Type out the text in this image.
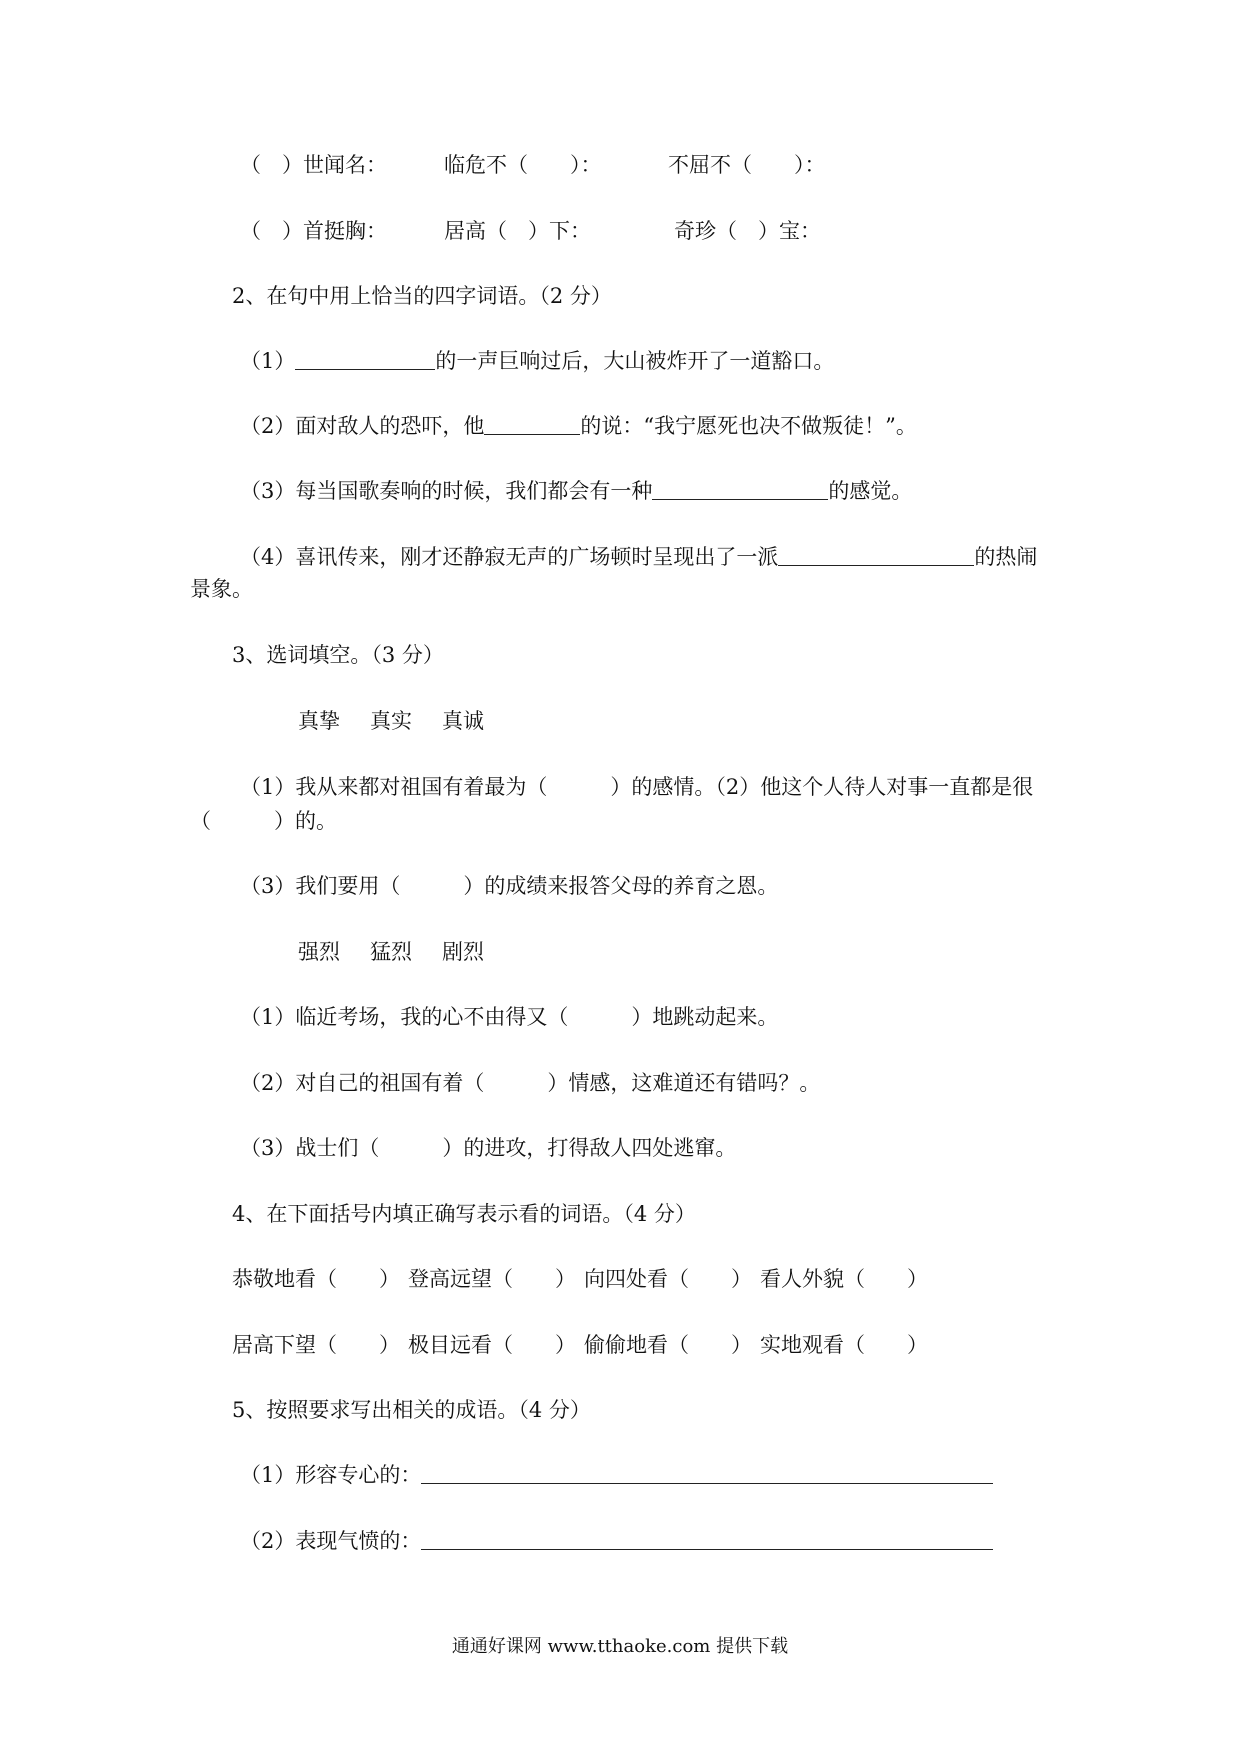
（　）世闻名：	临危不（　　）：	不屈不（　　）：
（　）首挺胸：	居高（　）下：	奇珍（　）宝：
2、在句中用上恰当的四字词语。（2 分）
（1）	的一声巨响过后，大山被炸开了一道豁口。
（2）面对敌人的恐吓，他	的说：“我宁愿死也决不做叛徒！”。
（3）每当国歌奏响的时候，我们都会有一种	的感觉。
（4）喜讯传来，刚才还静寂无声的广场顿时呈现出了一派	的热闹
景象。
3、选词填空。（3 分）
真挚 真实 真诚
（1）我从来都对祖国有着最为（　　　）的感情。（2）他这个人待人对事一直都是很
（　　　）的。
（3）我们要用（　　　）的成绩来报答父母的养育之恩。
强烈 猛烈 剧烈
（1）临近考场，我的心不由得又（　　　）地跳动起来。
（2）对自己的祖国有着（　　　）情感，这难道还有错吗？。
（3）战士们（　　　）的进攻，打得敌人四处逃窜。
4、在下面括号内填正确写表示看的词语。（4 分）
恭敬地看（　　） 登高远望（　　） 向四处看（　　） 看人外貌（　　）
居高下望（　　） 极目远看（　　） 偷偷地看（　　） 实地观看（　　）
5、按照要求写出相关的成语。（4 分）
（1）形容专心的：
（2）表现气愤的：
通通好课网 www.tthaoke.com 提供下载
